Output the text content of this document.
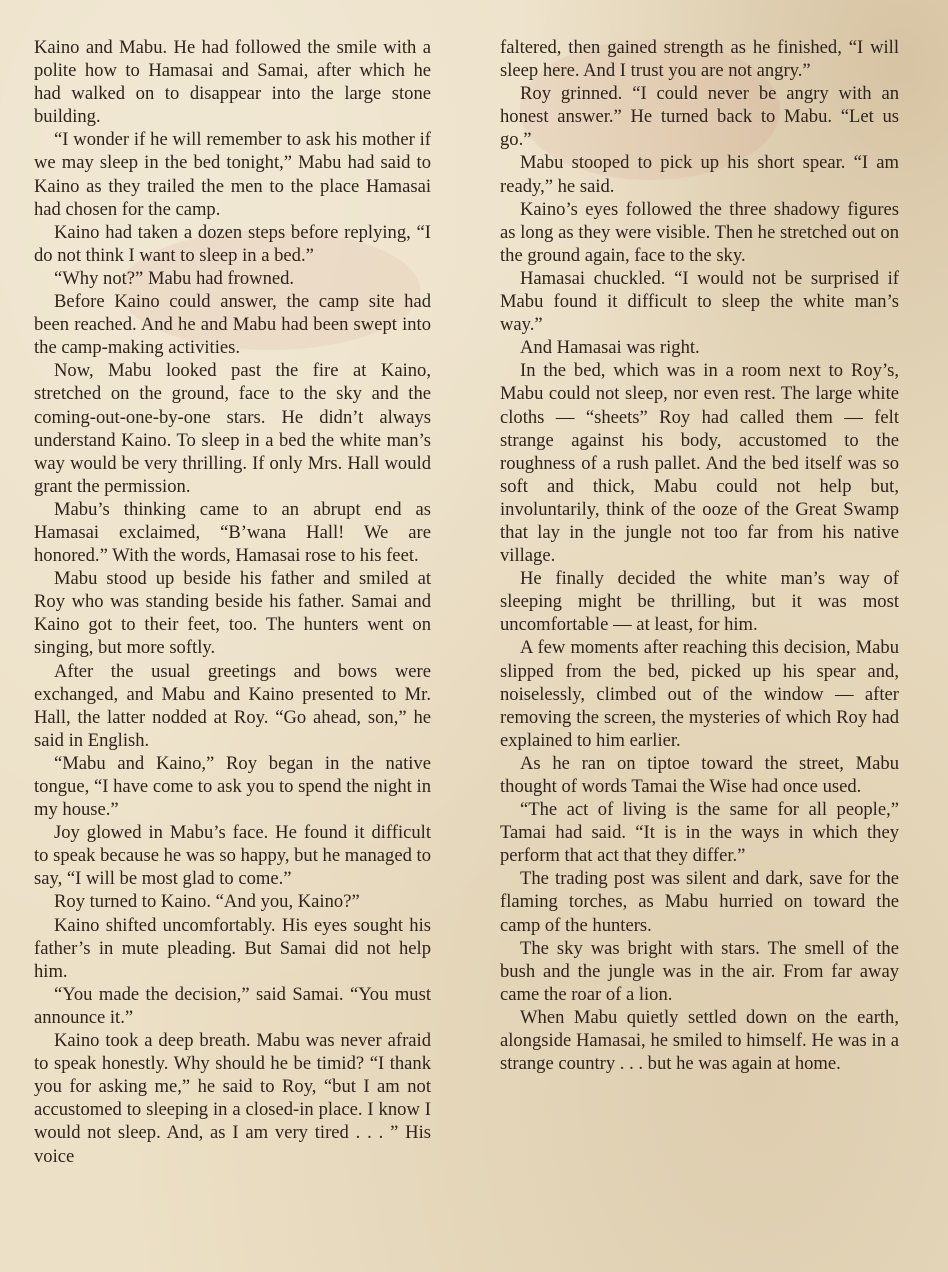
Kaino and Mabu. He had followed the smile with a polite how to Hamasai and Samai, after which he had walked on to disappear into the large stone building.

“I wonder if he will remember to ask his mother if we may sleep in the bed tonight,” Mabu had said to Kaino as they trailed the men to the place Hamasai had chosen for the camp.

Kaino had taken a dozen steps before replying, “I do not think I want to sleep in a bed.”

“Why not?” Mabu had frowned.

Before Kaino could answer, the camp site had been reached. And he and Mabu had been swept into the camp-making activities.

Now, Mabu looked past the fire at Kaino, stretched on the ground, face to the sky and the coming-out-one-by-one stars. He didn’t always understand Kaino. To sleep in a bed the white man’s way would be very thrilling. If only Mrs. Hall would grant the permission.

Mabu’s thinking came to an abrupt end as Hamasai exclaimed, “B’wana Hall! We are honored.” With the words, Hamasai rose to his feet.

Mabu stood up beside his father and smiled at Roy who was standing beside his father. Samai and Kaino got to their feet, too. The hunters went on singing, but more softly.

After the usual greetings and bows were exchanged, and Mabu and Kaino presented to Mr. Hall, the latter nodded at Roy. “Go ahead, son,” he said in English.

“Mabu and Kaino,” Roy began in the native tongue, “I have come to ask you to spend the night in my house.”

Joy glowed in Mabu’s face. He found it difficult to speak because he was so happy, but he managed to say, “I will be most glad to come.”

Roy turned to Kaino. “And you, Kaino?”

Kaino shifted uncomfortably. His eyes sought his father’s in mute pleading. But Samai did not help him.

“You made the decision,” said Samai. “You must announce it.”

Kaino took a deep breath. Mabu was never afraid to speak honestly. Why should he be timid? “I thank you for asking me,” he said to Roy, “but I am not accustomed to sleeping in a closed-in place. I know I would not sleep. And, as I am very tired . . . ” His voice

faltered, then gained strength as he finished, “I will sleep here. And I trust you are not angry.”

Roy grinned. “I could never be angry with an honest answer.” He turned back to Mabu. “Let us go.”

Mabu stooped to pick up his short spear. “I am ready,” he said.

Kaino’s eyes followed the three shadowy figures as long as they were visible. Then he stretched out on the ground again, face to the sky.

Hamasai chuckled. “I would not be surprised if Mabu found it difficult to sleep the white man’s way.”

And Hamasai was right.

In the bed, which was in a room next to Roy’s, Mabu could not sleep, nor even rest. The large white cloths — “sheets” Roy had called them — felt strange against his body, accustomed to the roughness of a rush pallet. And the bed itself was so soft and thick, Mabu could not help but, involuntarily, think of the ooze of the Great Swamp that lay in the jungle not too far from his native village.

He finally decided the white man’s way of sleeping might be thrilling, but it was most uncomfortable — at least, for him.

A few moments after reaching this decision, Mabu slipped from the bed, picked up his spear and, noiselessly, climbed out of the window — after removing the screen, the mysteries of which Roy had explained to him earlier.

As he ran on tiptoe toward the street, Mabu thought of words Tamai the Wise had once used.

“The act of living is the same for all people,” Tamai had said. “It is in the ways in which they perform that act that they differ.”

The trading post was silent and dark, save for the flaming torches, as Mabu hurried on toward the camp of the hunters.

The sky was bright with stars. The smell of the bush and the jungle was in the air. From far away came the roar of a lion.

When Mabu quietly settled down on the earth, alongside Hamasai, he smiled to himself. He was in a strange country . . . but he was again at home.
